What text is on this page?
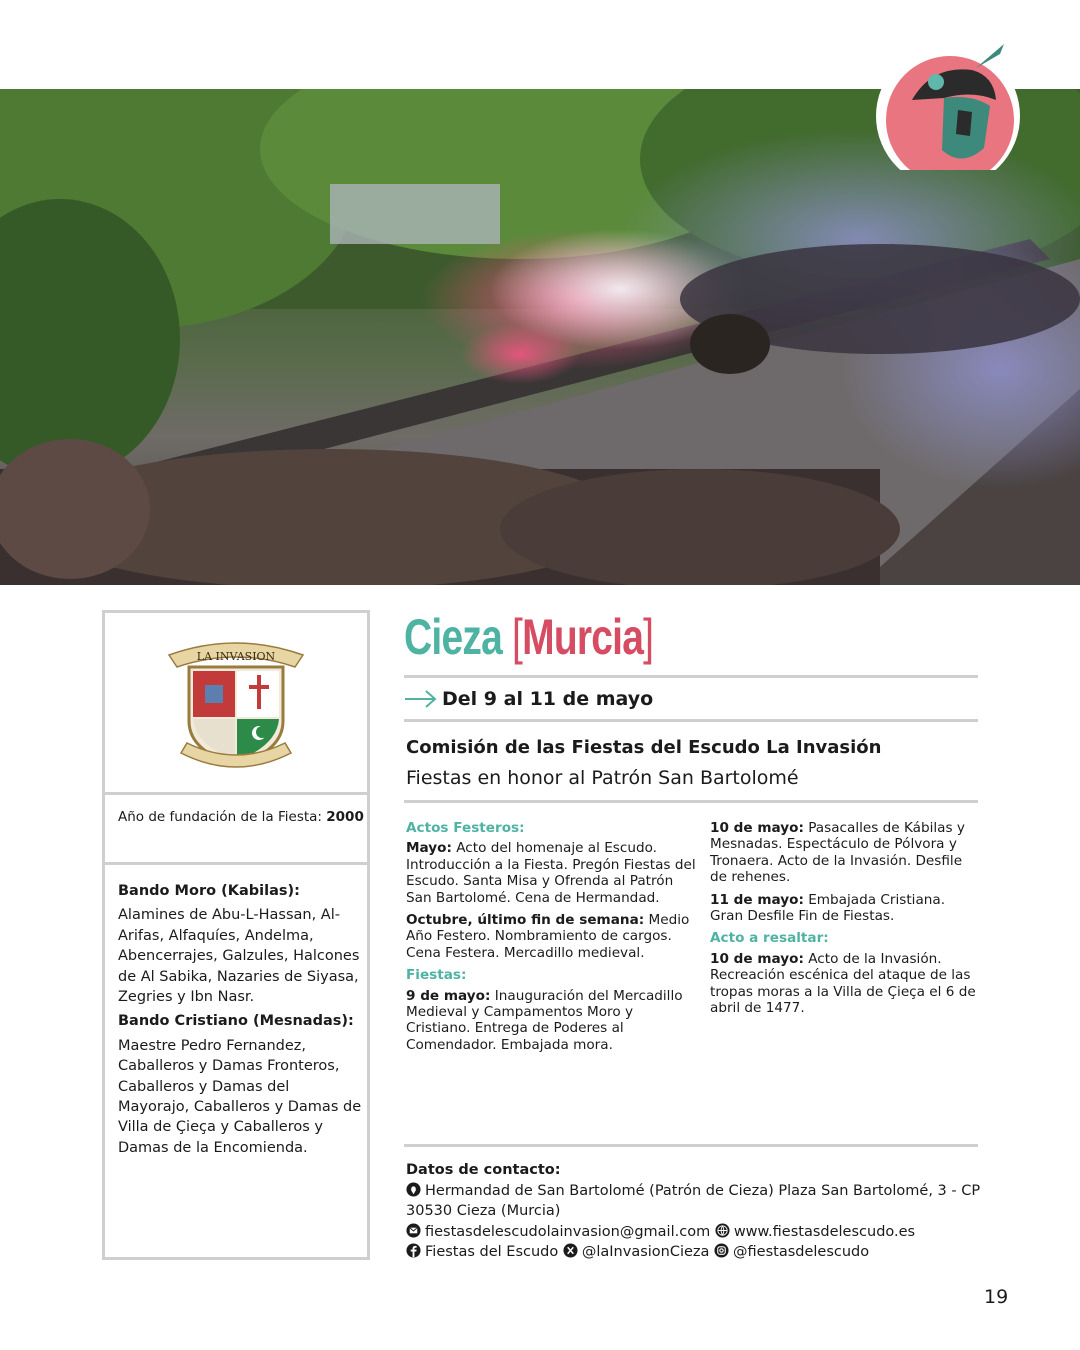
LA INVASION
Año de fundación de la Fiesta: 2000

Bando Moro (Kabilas):

Alamines de Abu-L-Hassan, Al-Arifas, Alfaquíes, Andelma, Abencerrajes, Galzules, Halcones de Al Sabika, Nazaries de Siyasa, Zegries y Ibn Nasr.

Bando Cristiano (Mesnadas):

Maestre Pedro Fernandez, Caballeros y Damas Fronteros, Caballeros y Damas del Mayorajo, Caballeros y Damas de Villa de Çieça y Caballeros y Damas de la Encomienda.

Cieza [Murcia]
Del 9 al 11 de mayo
Comisión de las Fiestas del Escudo La Invasión
Fiestas en honor al Patrón San Bartolomé
Actos Festeros:

Mayo: Acto del homenaje al Escudo. Introducción a la Fiesta. Pregón Fiestas del Escudo. Santa Misa y Ofrenda al Patrón San Bartolomé. Cena de Hermandad.

Octubre, último fin de semana: Medio Año Festero. Nombramiento de cargos. Cena Festera. Mercadillo medieval.

Fiestas:

9 de mayo: Inauguración del Mercadillo Medieval y Campamentos Moro y Cristiano. Entrega de Poderes al Comendador. Embajada mora.

10 de mayo: Pasacalles de Kábilas y Mesnadas. Espectáculo de Pólvora y Tronaera. Acto de la Invasión. Desfile de rehenes.

11 de mayo: Embajada Cristiana. Gran Desfile Fin de Fiestas.

Acto a resaltar:

10 de mayo: Acto de la Invasión. Recreación escénica del ataque de las tropas moras a la Villa de Çieça el 6 de abril de 1477.

Datos de contacto:
Hermandad de San Bartolomé (Patrón de Cieza) Plaza San Bartolomé, 3 - CP 30530 Cieza (Murcia)
fiestasdelescudolainvasion@gmail.com www.fiestasdelescudo.es
Fiestas del Escudo @laInvasionCieza @fiestasdelescudo
19
